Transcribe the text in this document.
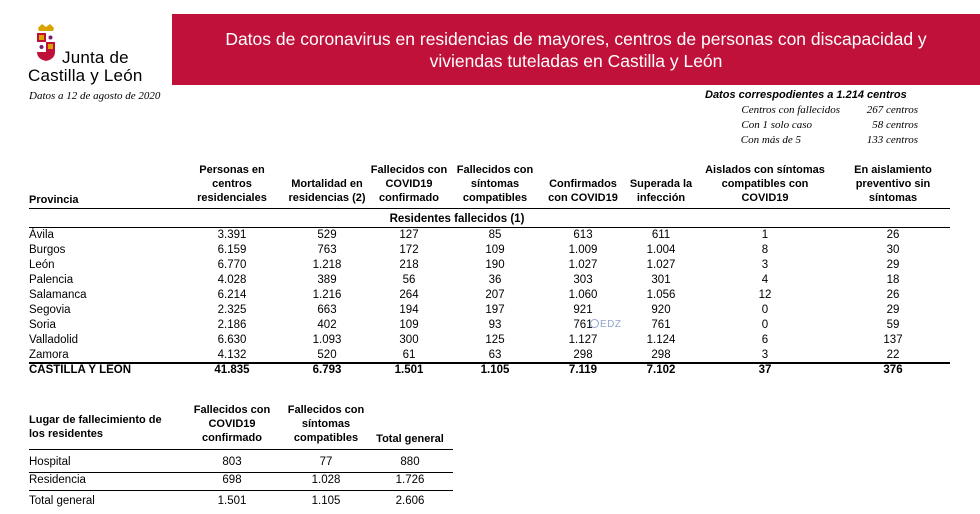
Junta de
Castilla y León
Datos de coronavirus en residencias de mayores, centros de personas con discapacidad y
viviendas tuteladas en Castilla y León
Datos a 12 de agosto de 2020	Datos correspodientes a 1.214 centros
Centros con fallecidos	267 centros
Con 1 solo caso	58 centros
Con más de 5	133 centros
Provincia
Personas en centros residenciales
Mortalidad en residencias (2)
Fallecidos con COVID19 confirmado
Fallecidos con síntomas compatibles
Confirmados con COVID19
Superada la infección
Aislados con síntomas compatibles con COVID19
En aislamiento preventivo sin síntomas
Residentes fallecidos (1)
Ávila	3.391	529	127	85	613	611	1	26
Burgos	6.159	763	172	109	1.009	1.004	8	30
León	6.770	1.218	218	190	1.027	1.027	3	29
Palencia	4.028	389	56	36	303	301	4	18
Salamanca	6.214	1.216	264	207	1.060	1.056	12	26
Segovia	2.325	663	194	197	921	920	0	29
Soria	2.186	402	109	93	761	761	0	59
Valladolid	6.630	1.093	300	125	1.127	1.124	6	137
Zamora	4.132	520	61	63	298	298	3	22
CASTILLA Y LEÓN	41.835	6.793	1.501	1.105	7.119	7.102	37	376
EDZ
Lugar de fallecimiento de los residentes
Fallecidos con COVID19 confirmado
Fallecidos con síntomas compatibles	Total general
Hospital	803	77	880
Residencia	698	1.028	1.726
Total general	1.501	1.105	2.606
